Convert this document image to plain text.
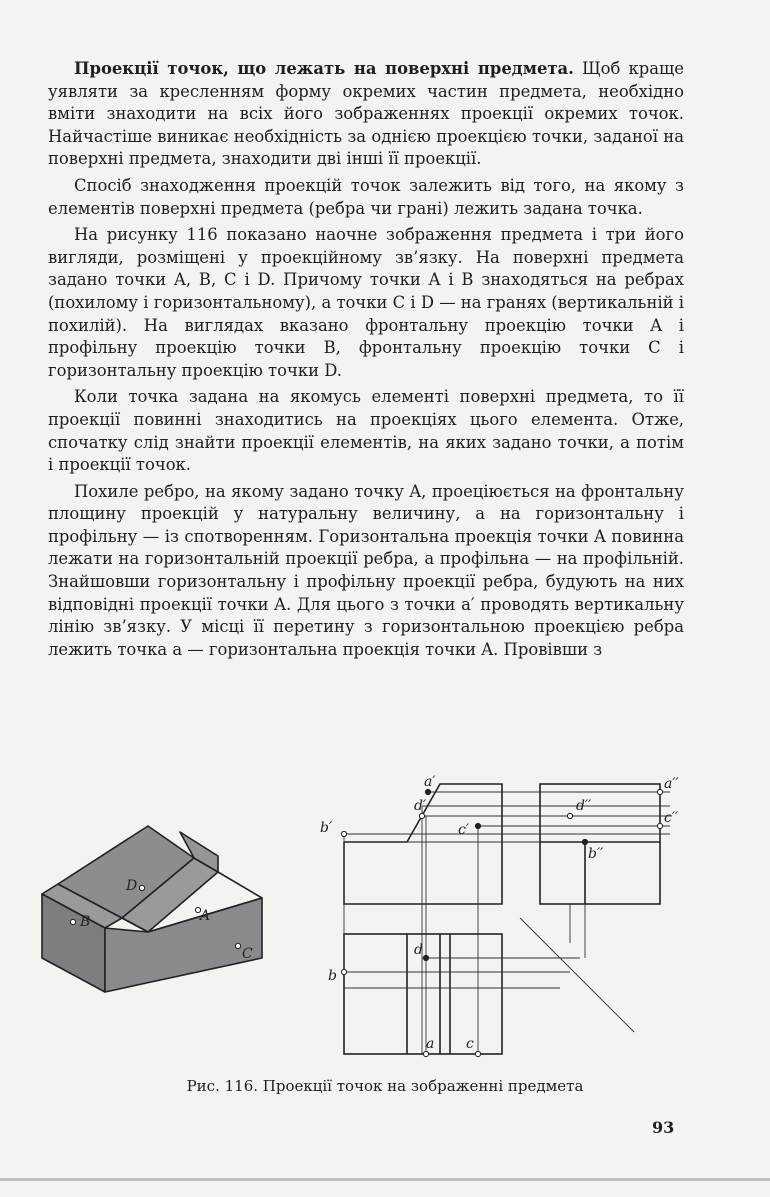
Проекції точок, що лежать на поверхні предмета. Щоб краще уявляти за кресленням форму окремих частин предмета, необхідно вміти знаходити на всіх його зображеннях проекції окремих точок. Найчастіше виникає необхідність за однією проекцією точки, заданої на поверхні предмета, знаходити дві інші її проекції.

Спосіб знаходження проекцій точок залежить від того, на якому з елементів поверхні предмета (ребра чи грані) лежить задана точка.

На рисунку 116 показано наочне зображення предмета і три його вигляди, розміщені у проекційному зв’язку. На поверхні предмета задано точки A, B, C і D. Причому точки A і B знаходяться на ребрах (похилому і горизонтальному), а точки C і D — на гранях (вертикальній і похилій). На виглядах вказано фронтальну проекцію точки A і профільну проекцію точки B, фронтальну проекцію точки C і горизонтальну проекцію точки D.

Коли точка задана на якомусь елементі поверхні предмета, то її проекції повинні знаходитись на проекціях цього елемента. Отже, спочатку слід знайти проекції елементів, на яких задано точки, а потім і проекції точок.

Похиле ребро, на якому задано точку A, проеціюється на фронтальну площину проекцій у натуральну величину, а на горизонтальну і профільну — із спотворенням. Горизонтальна проекція точки A повинна лежати на горизонтальній проекції ребра, а профільна — на профільній. Знайшовши горизонтальну і профільну проекції ребра, будують на них відповідні проекції точки A. Для цього з точки a′ проводять вертикальну лінію зв’язку. У місці її перетину з горизонтальною проекцією ребра лежить точка a — горизонтальна проекція точки A. Провівши з

B
D
A
C
a′
d′
b′	c′
a′′
d′′
c′′
b′′
d
b
a c
Рис. 116. Проекції точок на зображенні предмета
93
